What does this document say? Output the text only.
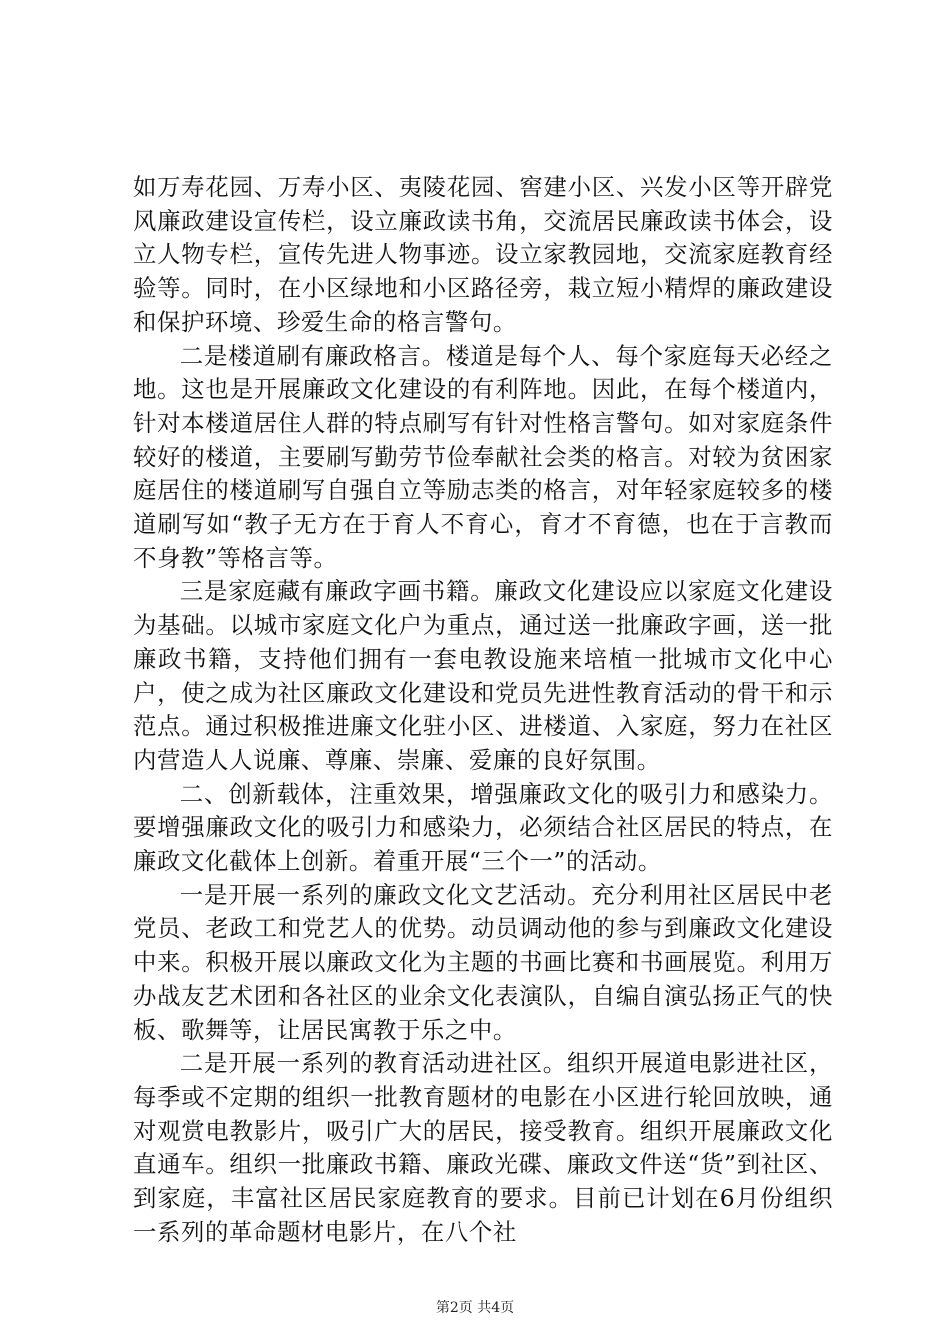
如万寿花园、万寿小区、夷陵花园、窖建小区、兴发小区等开辟党风廉政建设宣传栏，设立廉政读书角，交流居民廉政读书体会，设立人物专栏，宣传先进人物事迹。设立家教园地，交流家庭教育经验等。同时，在小区绿地和小区路径旁，栽立短小精焊的廉政建设和保护环境、珍爱生命的格言警句。

二是楼道刷有廉政格言。楼道是每个人、每个家庭每天必经之地。这也是开展廉政文化建设的有利阵地。因此，在每个楼道内，针对本楼道居住人群的特点刷写有针对性格言警句。如对家庭条件较好的楼道，主要刷写勤劳节俭奉献社会类的格言。对较为贫困家庭居住的楼道刷写自强自立等励志类的格言，对年轻家庭较多的楼道刷写如“教子无方在于育人不育心，育才不育德，也在于言教而不身教”等格言等。

三是家庭藏有廉政字画书籍。廉政文化建设应以家庭文化建设为基础。以城市家庭文化户为重点，通过送一批廉政字画，送一批廉政书籍，支持他们拥有一套电教设施来培植一批城市文化中心户，使之成为社区廉政文化建设和党员先进性教育活动的骨干和示范点。通过积极推进廉文化驻小区、进楼道、入家庭，努力在社区内营造人人说廉、尊廉、崇廉、爱廉的良好氛围。

二、创新载体，注重效果，增强廉政文化的吸引力和感染力。要增强廉政文化的吸引力和感染力，必须结合社区居民的特点，在廉政文化截体上创新。着重开展“三个一”的活动。

一是开展一系列的廉政文化文艺活动。充分利用社区居民中老党员、老政工和党艺人的优势。动员调动他的参与到廉政文化建设中来。积极开展以廉政文化为主题的书画比赛和书画展览。利用万办战友艺术团和各社区的业余文化表演队，自编自演弘扬正气的快板、歌舞等，让居民寓教于乐之中。

二是开展一系列的教育活动进社区。组织开展道电影进社区，每季或不定期的组织一批教育题材的电影在小区进行轮回放映，通对观赏电教影片，吸引广大的居民，接受教育。组织开展廉政文化直通车。组织一批廉政书籍、廉政光碟、廉政文件送“货”到社区、到家庭，丰富社区居民家庭教育的要求。目前已计划在6月份组织一系列的革命题材电影片，在八个社

第2页 共4页
